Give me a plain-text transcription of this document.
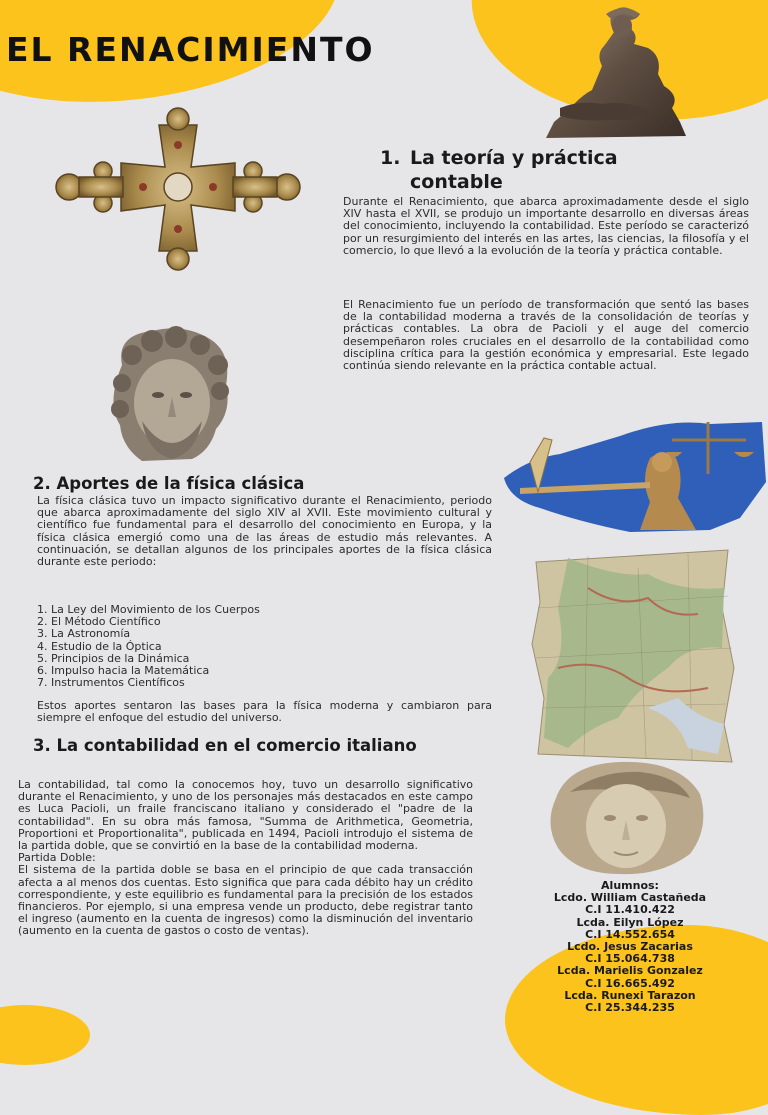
EL RENACIMIENTO
1. La teoría y práctica
contable

Durante el Renacimiento, que abarca aproximadamente desde el siglo XIV hasta el XVII, se produjo un importante desarrollo en diversas áreas del conocimiento, incluyendo la contabilidad. Este período se caracterizó por un resurgimiento del interés en las artes, las ciencias, la filosofía y el comercio, lo que llevó a la evolución de la teoría y práctica contable.

El Renacimiento fue un período de transformación que sentó las bases de la contabilidad moderna a través de la consolidación de teorías y prácticas contables. La obra de Pacioli y el auge del comercio desempeñaron roles cruciales en el desarrollo de la contabilidad como disciplina crítica para la gestión económica y empresarial. Este legado continúa siendo relevante en la práctica contable actual.

2. Aportes de la física clásica

La física clásica tuvo un impacto significativo durante el Renacimiento, periodo que abarca aproximadamente del siglo XIV al XVII. Este movimiento cultural y científico fue fundamental para el desarrollo del conocimiento en Europa, y la física clásica emergió como una de las áreas de estudio más relevantes. A continuación, se detallan algunos de los principales aportes de la física clásica durante este periodo:

1. La Ley del Movimiento de los Cuerpos
2. El Método Científico
3. La Astronomía
4. Estudio de la Óptica
5. Principios de la Dinámica
6. Impulso hacia la Matemática
7. Instrumentos Científicos

Estos aportes sentaron las bases para la física moderna y cambiaron para siempre el enfoque del estudio del universo.

3. La contabilidad en el comercio italiano
La contabilidad, tal como la conocemos hoy, tuvo un desarrollo significativo durante el Renacimiento, y uno de los personajes más destacados en este campo es Luca Pacioli, un fraile franciscano italiano y considerado el "padre de la contabilidad". En su obra más famosa, "Summa de Arithmetica, Geometria, Proportioni et Proportionalita", publicada en 1494, Pacioli introdujo el sistema de la partida doble, que se convirtió en la base de la contabilidad moderna.
Partida Doble:
El sistema de la partida doble se basa en el principio de que cada transacción afecta a al menos dos cuentas. Esto significa que para cada débito hay un crédito correspondiente, y este equilibrio es fundamental para la precisión de los estados financieros. Por ejemplo, si una empresa vende un producto, debe registrar tanto el ingreso (aumento en la cuenta de ingresos) como la disminución del inventario (aumento en la cuenta de gastos o costo de ventas).
Alumnos:
Lcdo. William Castañeda
C.I 11.410.422
Lcda. Eilyn López
C.I 14.552.654
Lcdo. Jesus Zacarias
C.I 15.064.738
Lcda. Marielis Gonzalez
C.I 16.665.492
Lcda. Runexi Tarazon
C.I 25.344.235
